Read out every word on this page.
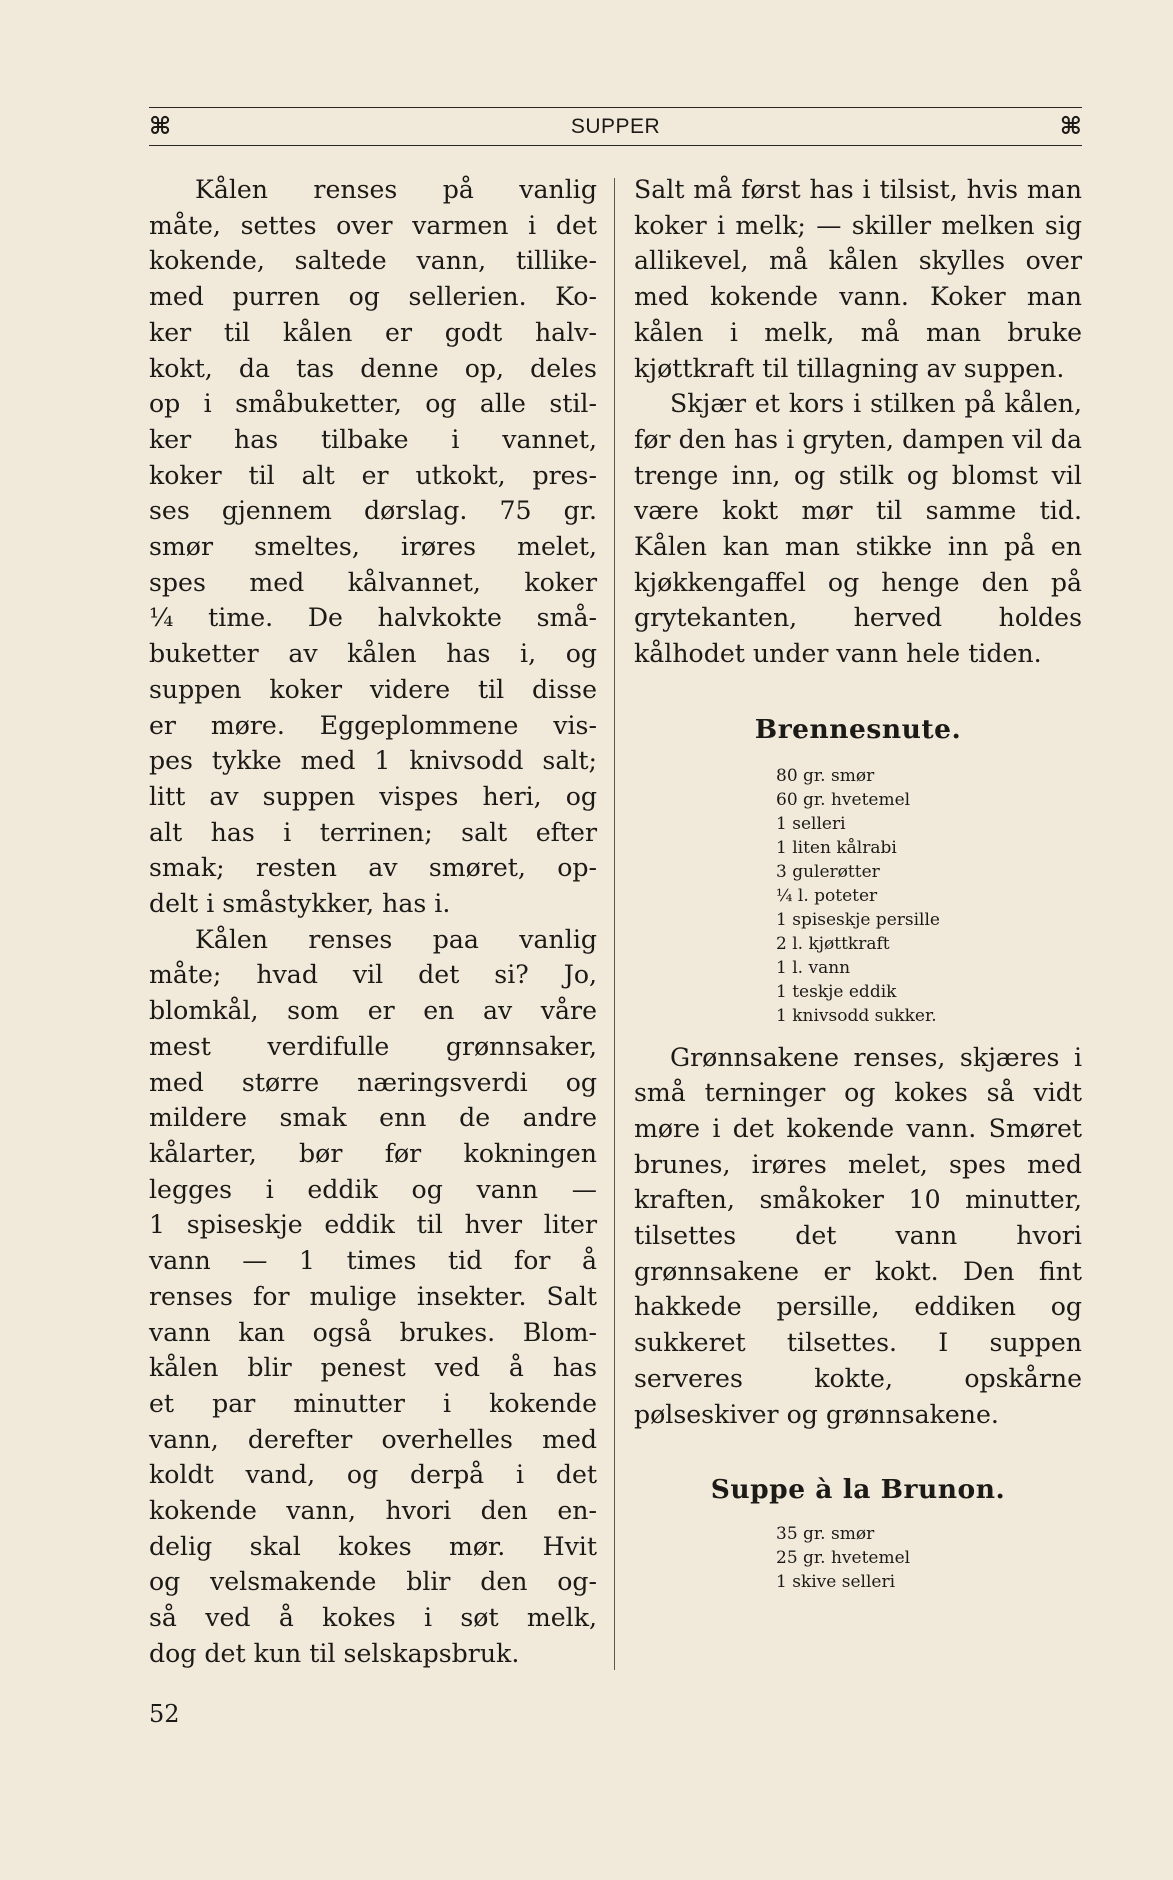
⌘	SUPPER	⌘

Kålen renses på vanlig

måte, settes over varmen i det

kokende, saltede vann, tillike-

med purren og sellerien. Ko-

ker til kålen er godt halv-

kokt, da tas denne op, deles

op i småbuketter, og alle stil-

ker has tilbake i vannet,

koker til alt er utkokt, pres-

ses gjennem dørslag. 75 gr.

smør smeltes, irøres melet,

spes med kålvannet, koker

¼ time. De halvkokte små-

buketter av kålen has i, og

suppen koker videre til disse

er møre. Eggeplommene vis-

pes tykke med 1 knivsodd salt;

litt av suppen vispes heri, og

alt has i terrinen; salt efter

smak; resten av smøret, op-

delt i småstykker, has i.

Kålen renses paa vanlig

måte; hvad vil det si? Jo,

blomkål, som er en av våre

mest verdifulle grønnsaker,

med større næringsverdi og

mildere smak enn de andre

kålarter, bør før kokningen

legges i eddik og vann —

1 spiseskje eddik til hver liter

vann — 1 times tid for å

renses for mulige insekter. Salt

vann kan også brukes. Blom-

kålen blir penest ved å has

et par minutter i kokende

vann, derefter overhelles med

koldt vand, og derpå i det

kokende vann, hvori den en-

delig skal kokes mør. Hvit

og velsmakende blir den og-

så ved å kokes i søt melk,

dog det kun til selskapsbruk.

Salt må først has i tilsist, hvis man koker i melk; — skiller melken sig allikevel, må kålen skylles over med kokende vann. Koker man kålen i melk, må man bruke kjøttkraft til tillagning av suppen.

Skjær et kors i stilken på kålen, før den has i gryten, dampen vil da trenge inn, og stilk og blomst vil være kokt mør til samme tid. Kålen kan man stikke inn på en kjøkkengaffel og henge den på grytekanten, herved holdes kålhodet under vann hele tiden.

Brennesnute.
80 gr. smør
60 gr. hvetemel
1 selleri
1 liten kålrabi
3 gulerøtter
¼ l. poteter
1 spiseskje persille
2 l. kjøttkraft
1 l. vann
1 teskje eddik
1 knivsodd sukker.

Grønnsakene renses, skjæres i små terninger og kokes så vidt møre i det kokende vann. Smøret brunes, irøres melet, spes med kraften, småkoker 10 minutter, tilsettes det vann hvori grønnsakene er kokt. Den fint hakkede persille, eddiken og sukkeret tilsettes. I suppen serveres kokte, opskårne pølseskiver og grønnsakene.

Suppe à la Brunon.
35 gr. smør
25 gr. hvetemel
1 skive selleri
52
